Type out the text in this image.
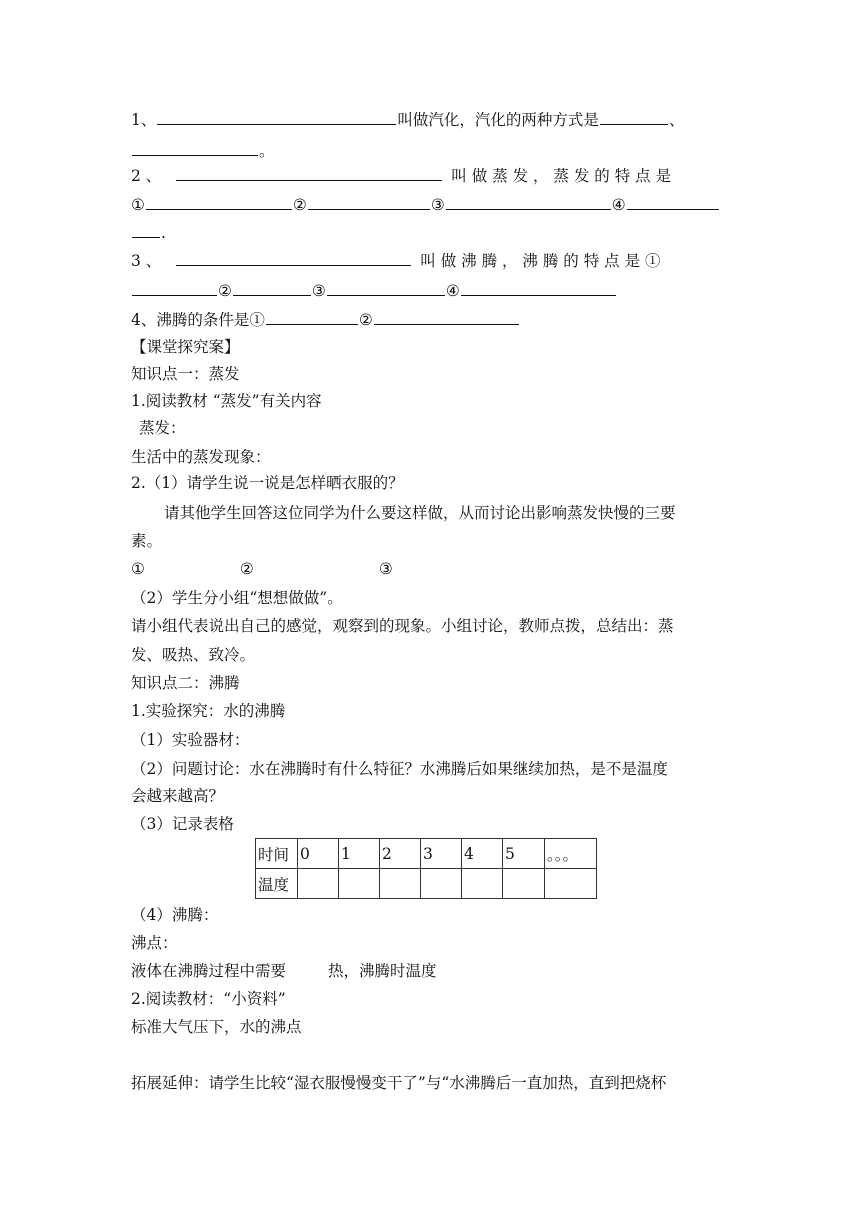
1、	叫做汽化，汽化的两种方式是	、
。
2 、	叫 做 蒸 发 ， 蒸 发 的 特 点 是
①	②	③	④
.
3 、	叫 做 沸 腾 ， 沸 腾 的 特 点 是 ①
②	③	④
4、沸腾的条件是①	②
【课堂探究案】
知识点一：蒸发
1.阅读教材 “蒸发”有关内容
蒸发：
生活中的蒸发现象：
2.（1）请学生说一说是怎样晒衣服的？
请其他学生回答这位同学为什么要这样做，从而讨论出影响蒸发快慢的三要
素。
①	②	③
（2）学生分小组“想想做做”。
请小组代表说出自己的感觉，观察到的现象。小组讨论，教师点拨，总结出：蒸
发、吸热、致冷。
知识点二：沸腾
1.实验探究：水的沸腾
（1）实验器材：
（2）问题讨论：水在沸腾时有什么特征？水沸腾后如果继续加热，是不是温度
会越来越高？
（3）记录表格
时间	0	1	2	3	4	5	。。。
温度							
（4）沸腾：
沸点：
液体在沸腾过程中需要	热，沸腾时温度
2.阅读教材：“小资料”
标准大气压下，水的沸点
拓展延伸：请学生比较“湿衣服慢慢变干了”与“水沸腾后一直加热，直到把烧杯
